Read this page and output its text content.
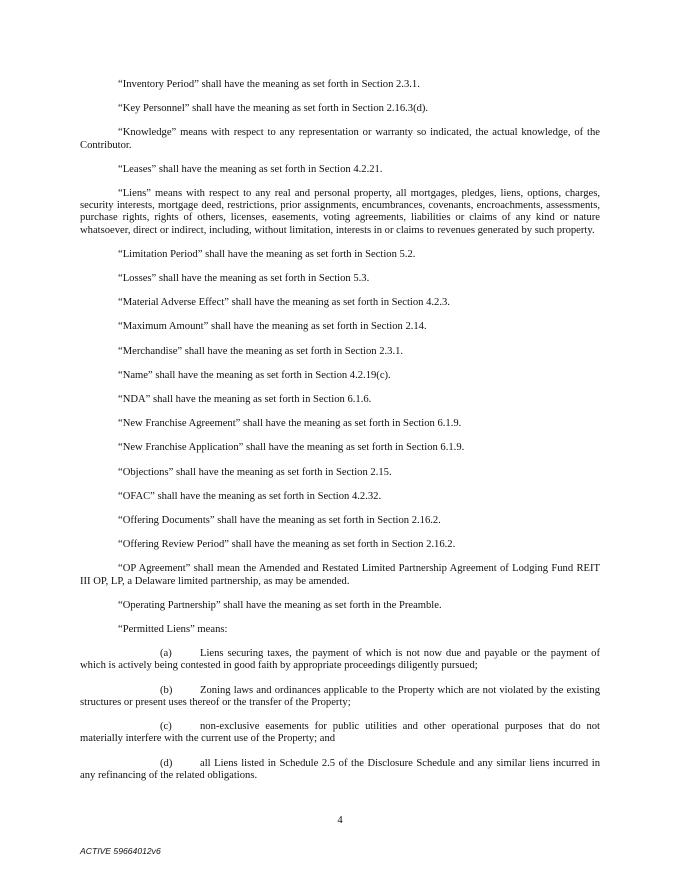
“Inventory Period” shall have the meaning as set forth in Section 2.3.1.

“Key Personnel” shall have the meaning as set forth in Section 2.16.3(d).

“Knowledge” means with respect to any representation or warranty so indicated, the actual knowledge, of the Contributor.

“Leases” shall have the meaning as set forth in Section 4.2.21.

“Liens” means with respect to any real and personal property, all mortgages, pledges, liens, options, charges, security interests, mortgage deed, restrictions, prior assignments, encumbrances, covenants, encroachments, assessments, purchase rights, rights of others, licenses, easements, voting agreements, liabilities or claims of any kind or nature whatsoever, direct or indirect, including, without limitation, interests in or claims to revenues generated by such property.

“Limitation Period” shall have the meaning as set forth in Section 5.2.

“Losses” shall have the meaning as set forth in Section 5.3.

“Material Adverse Effect” shall have the meaning as set forth in Section 4.2.3.

“Maximum Amount” shall have the meaning as set forth in Section 2.14.

“Merchandise” shall have the meaning as set forth in Section 2.3.1.

“Name” shall have the meaning as set forth in Section 4.2.19(c).

“NDA” shall have the meaning as set forth in Section 6.1.6.

“New Franchise Agreement” shall have the meaning as set forth in Section 6.1.9.

“New Franchise Application” shall have the meaning as set forth in Section 6.1.9.

“Objections” shall have the meaning as set forth in Section 2.15.

“OFAC” shall have the meaning as set forth in Section 4.2.32.

“Offering Documents” shall have the meaning as set forth in Section 2.16.2.

“Offering Review Period” shall have the meaning as set forth in Section 2.16.2.

“OP Agreement” shall mean the Amended and Restated Limited Partnership Agreement of Lodging Fund REIT III OP, LP, a Delaware limited partnership, as may be amended.

“Operating Partnership” shall have the meaning as set forth in the Preamble.

“Permitted Liens” means:

(a)	Liens securing taxes, the payment of which is not now due and payable or the payment of which is actively being contested in good faith by appropriate proceedings diligently pursued;

(b)	Zoning laws and ordinances applicable to the Property which are not violated by the existing structures or present uses thereof or the transfer of the Property;

(c)	non-exclusive easements for public utilities and other operational purposes that do not materially interfere with the current use of the Property; and

(d)	all Liens listed in Schedule 2.5 of the Disclosure Schedule and any similar liens incurred in any refinancing of the related obligations.

4
ACTIVE 59664012v6
